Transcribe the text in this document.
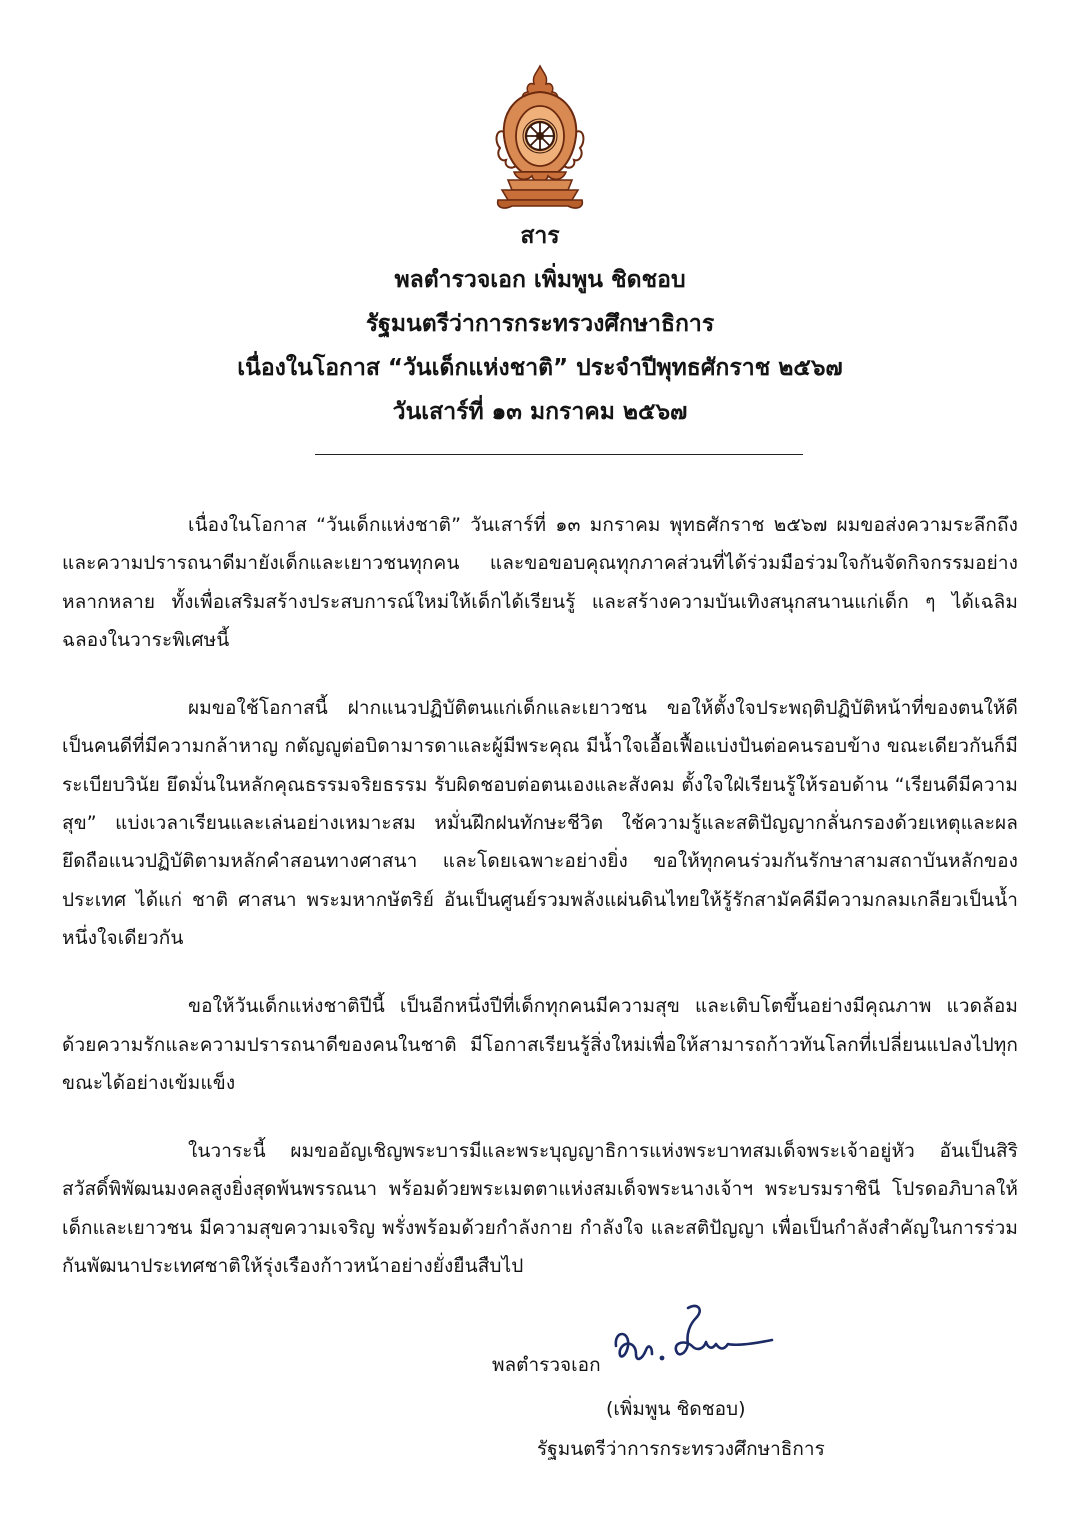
สาร
พลตำรวจเอก เพิ่มพูน ชิดชอบ
รัฐมนตรีว่าการกระทรวงศึกษาธิการ
เนื่องในโอกาส “วันเด็กแห่งชาติ” ประจำปีพุทธศักราช ๒๕๖๗
วันเสาร์ที่ ๑๓ มกราคม ๒๕๖๗

เนื่องในโอกาส “วันเด็กแห่งชาติ” วันเสาร์ที่ ๑๓ มกราคม พุทธศักราช ๒๕๖๗ ผมขอส่งความระลึกถึงและความปรารถนาดีมายังเด็กและเยาวชนทุกคน และขอขอบคุณทุกภาคส่วนที่ได้ร่วมมือร่วมใจกันจัดกิจกรรมอย่างหลากหลาย ทั้งเพื่อเสริมสร้างประสบการณ์ใหม่ให้เด็กได้เรียนรู้ และสร้างความบันเทิงสนุกสนานแก่เด็ก ๆ ได้เฉลิมฉลองในวาระพิเศษนี้

ผมขอใช้โอกาสนี้ ฝากแนวปฏิบัติตนแก่เด็กและเยาวชน ขอให้ตั้งใจประพฤติปฏิบัติหน้าที่ของตนให้ดีเป็นคนดีที่มีความกล้าหาญ กตัญญูต่อบิดามารดาและผู้มีพระคุณ มีน้ำใจเอื้อเฟื้อแบ่งปันต่อคนรอบข้าง ขณะเดียวกันก็มีระเบียบวินัย ยึดมั่นในหลักคุณธรรมจริยธรรม รับผิดชอบต่อตนเองและสังคม ตั้งใจใฝ่เรียนรู้ให้รอบด้าน “เรียนดีมีความสุข” แบ่งเวลาเรียนและเล่นอย่างเหมาะสม หมั่นฝึกฝนทักษะชีวิต ใช้ความรู้และสติปัญญากลั่นกรองด้วยเหตุและผล ยึดถือแนวปฏิบัติตามหลักคำสอนทางศาสนา และโดยเฉพาะอย่างยิ่ง ขอให้ทุกคนร่วมกันรักษาสามสถาบันหลักของประเทศ ได้แก่ ชาติ ศาสนา พระมหากษัตริย์ อันเป็นศูนย์รวมพลังแผ่นดินไทยให้รู้รักสามัคคีมีความกลมเกลียวเป็นน้ำหนึ่งใจเดียวกัน

ขอให้วันเด็กแห่งชาติปีนี้ เป็นอีกหนึ่งปีที่เด็กทุกคนมีความสุข และเติบโตขึ้นอย่างมีคุณภาพ แวดล้อมด้วยความรักและความปรารถนาดีของคนในชาติ มีโอกาสเรียนรู้สิ่งใหม่เพื่อให้สามารถก้าวทันโลกที่เปลี่ยนแปลงไปทุกขณะได้อย่างเข้มแข็ง

ในวาระนี้ ผมขออัญเชิญพระบารมีและพระบุญญาธิการแห่งพระบาทสมเด็จพระเจ้าอยู่หัว อันเป็นสิริสวัสดิ์พิพัฒนมงคลสูงยิ่งสุดพ้นพรรณนา พร้อมด้วยพระเมตตาแห่งสมเด็จพระนางเจ้าฯ พระบรมราชินี โปรดอภิบาลให้เด็กและเยาวชน มีความสุขความเจริญ พรั่งพร้อมด้วยกำลังกาย กำลังใจ และสติปัญญา เพื่อเป็นกำลังสำคัญในการร่วมกันพัฒนาประเทศชาติให้รุ่งเรืองก้าวหน้าอย่างยั่งยืนสืบไป

พลตำรวจเอก
(เพิ่มพูน ชิดชอบ)
รัฐมนตรีว่าการกระทรวงศึกษาธิการ
